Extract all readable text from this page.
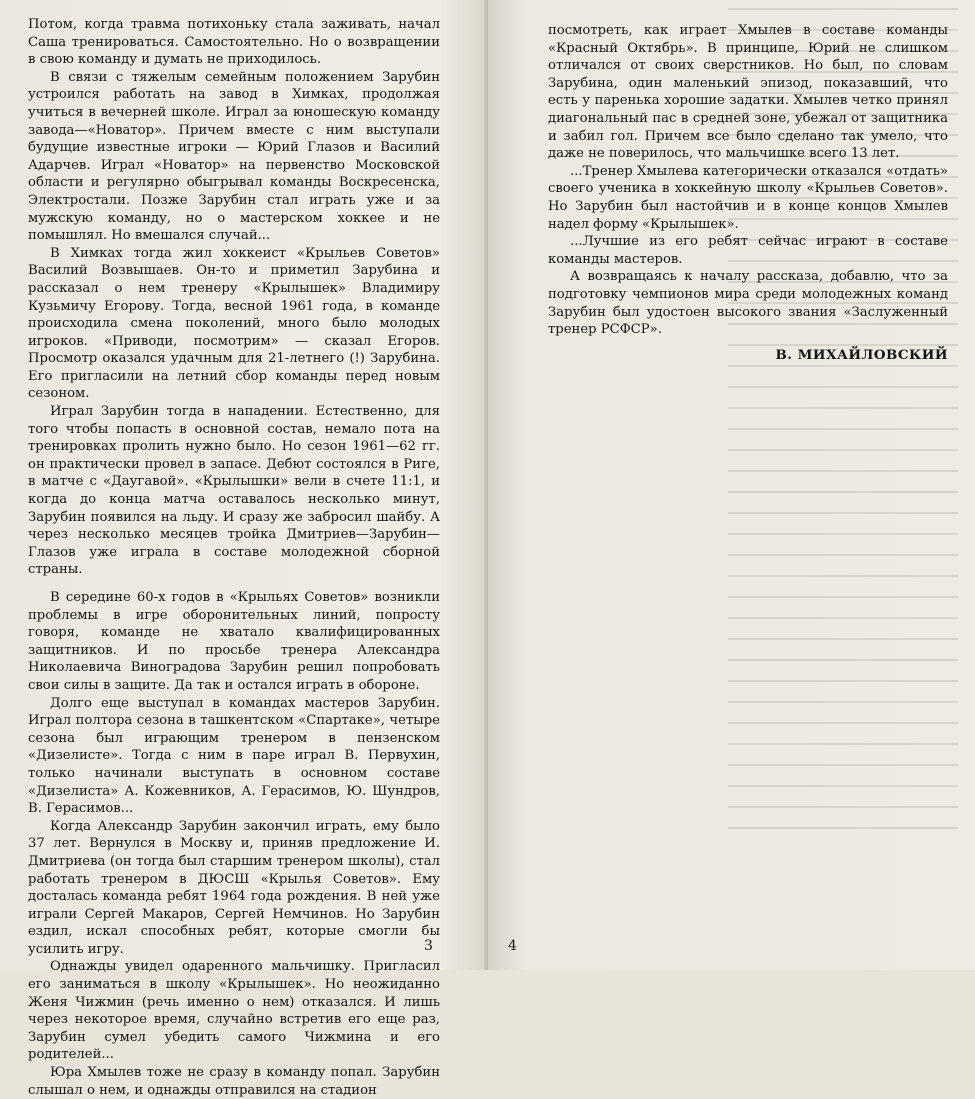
Потом, когда травма потихоньку стала заживать, начал Саша тренироваться. Самостоятельно. Но о возвращении в свою команду и думать не приходилось.

В связи с тяжелым семейным положением Зарубин устроился работать на завод в Химках, продолжая учиться в вечерней школе. Играл за юношескую команду завода—«Новатор». Причем вместе с ним выступали будущие известные игроки — Юрий Глазов и Василий Адарчев. Играл «Новатор» на первенство Московской области и регулярно обыгрывал команды Воскресенска, Электростали. Позже Зарубин стал играть уже и за мужскую команду, но о мастерском хоккее и не помышлял. Но вмешался случай...

В Химках тогда жил хоккеист «Крыльев Советов» Василий Возвышаев. Он-то и приметил Зарубина и рассказал о нем тренеру «Крылышек» Владимиру Кузьмичу Егорову. Тогда, весной 1961 года, в команде происходила смена поколений, много было молодых игроков. «Приводи, посмотрим» — сказал Егоров. Просмотр оказался удачным для 21-летнего (!) Зарубина. Его пригласили на летний сбор команды перед новым сезоном.

Играл Зарубин тогда в нападении. Естественно, для того чтобы попасть в основной состав, немало пота на тренировках пролить нужно было. Но сезон 1961—62 гг. он практически провел в запасе. Дебют состоялся в Риге, в матче с «Даугавой». «Крылышки» вели в счете 11:1, и когда до конца матча оставалось несколько минут, Зарубин появился на льду. И сразу же забросил шайбу. А через несколько месяцев тройка Дмитриев—Зарубин—Глазов уже играла в составе молодежной сборной страны.

В середине 60-х годов в «Крыльях Советов» возникли проблемы в игре оборонительных линий, попросту говоря, команде не хватало квалифицированных защитников. И по просьбе тренера Александра Николаевича Виноградова Зарубин решил попробовать свои силы в защите. Да так и остался играть в обороне.

Долго еще выступал в командах мастеров Зарубин. Играл полтора сезона в ташкентском «Спартаке», четыре сезона был играющим тренером в пензенском «Дизелисте». Тогда с ним в паре играл В. Первухин, только начинали выступать в основном составе «Дизелиста» А. Кожевников, А. Герасимов, Ю. Шундров, В. Герасимов...

Когда Александр Зарубин закончил играть, ему было 37 лет. Вернулся в Москву и, приняв предложение И. Дмитриева (он тогда был старшим тренером школы), стал работать тренером в ДЮСШ «Крылья Советов». Ему досталась команда ребят 1964 года рождения. В ней уже играли Сергей Макаров, Сергей Немчинов. Но Зарубин ездил, искал способных ребят, которые смогли бы усилить игру.

Однажды увидел одаренного мальчишку. Пригласил его заниматься в школу «Крылышек». Но неожиданно Женя Чижмин (речь именно о нем) отказался. И лишь через некоторое время, случайно встретив его еще раз, Зарубин сумел убедить самого Чижмина и его родителей...

Юра Хмылев тоже не сразу в команду попал. Зарубин слышал о нем, и однажды отправился на стадион

3

посмотреть, как играет Хмылев в составе команды «Красный Октябрь». В принципе, Юрий не слишком отличался от своих сверстников. Но был, по словам Зарубина, один маленький эпизод, показавший, что есть у паренька хорошие задатки. Хмылев четко принял диагональный пас в средней зоне, убежал от защитника и забил гол. Причем все было сделано так умело, что даже не поверилось, что мальчишке всего 13 лет.

...Тренер Хмылева категорически отказался «отдать» своего ученика в хоккейную школу «Крыльев Советов». Но Зарубин был настойчив и в конце концов Хмылев надел форму «Крылышек».

...Лучшие из его ребят сейчас играют в составе команды мастеров.

А возвращаясь к началу рассказа, добавлю, что за подготовку чемпионов мира среди молодежных команд Зарубин был удостоен высокого звания «Заслуженный тренер РСФСР».

В. МИХАЙЛОВСКИЙ
4
